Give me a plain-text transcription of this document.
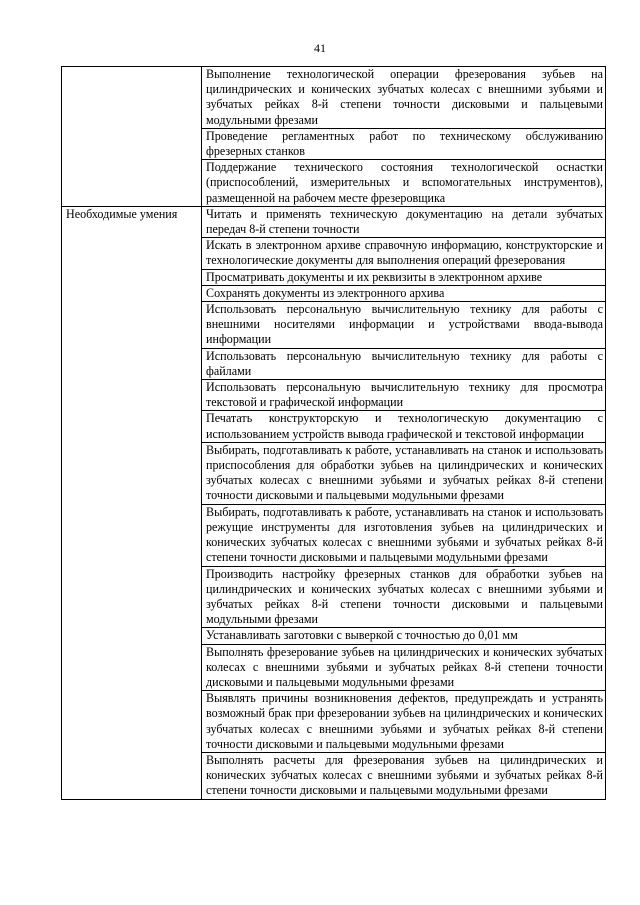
41
	Выполнение технологической операции фрезерования зубьев на цилиндрических и конических зубчатых колесах с внешними зубьями и зубчатых рейках 8-й степени точности дисковыми и пальцевыми модульными фрезами
	Проведение регламентных работ по техническому обслуживанию фрезерных станков
	Поддержание технического состояния технологической оснастки (приспособлений, измерительных и вспомогательных инструментов), размещенной на рабочем месте фрезеровщика
Необходимые умения	Читать и применять техническую документацию на детали зубчатых передач 8-й степени точности
	Искать в электронном архиве справочную информацию, конструкторские и технологические документы для выполнения операций фрезерования
	Просматривать документы и их реквизиты в электронном архиве
	Сохранять документы из электронного архива
	Использовать персональную вычислительную технику для работы с внешними носителями информации и устройствами ввода-вывода информации
	Использовать персональную вычислительную технику для работы с файлами
	Использовать персональную вычислительную технику для просмотра текстовой и графической информации
	Печатать конструкторскую и технологическую документацию с использованием устройств вывода графической и текстовой информации
	Выбирать, подготавливать к работе, устанавливать на станок и использовать приспособления для обработки зубьев на цилиндрических и конических зубчатых колесах с внешними зубьями и зубчатых рейках 8-й степени точности дисковыми и пальцевыми модульными фрезами
	Выбирать, подготавливать к работе, устанавливать на станок и использовать режущие инструменты для изготовления зубьев на цилиндрических и конических зубчатых колесах с внешними зубьями и зубчатых рейках 8-й степени точности дисковыми и пальцевыми модульными фрезами
	Производить настройку фрезерных станков для обработки зубьев на цилиндрических и конических зубчатых колесах с внешними зубьями и зубчатых рейках 8-й степени точности дисковыми и пальцевыми модульными фрезами
	Устанавливать заготовки с выверкой с точностью до 0,01 мм
	Выполнять фрезерование зубьев на цилиндрических и конических зубчатых колесах с внешними зубьями и зубчатых рейках 8-й степени точности дисковыми и пальцевыми модульными фрезами
	Выявлять причины возникновения дефектов, предупреждать и устранять возможный брак при фрезеровании зубьев на цилиндрических и конических зубчатых колесах с внешними зубьями и зубчатых рейках 8-й степени точности дисковыми и пальцевыми модульными фрезами
	Выполнять расчеты для фрезерования зубьев на цилиндрических и конических зубчатых колесах с внешними зубьями и зубчатых рейках 8-й степени точности дисковыми и пальцевыми модульными фрезами
